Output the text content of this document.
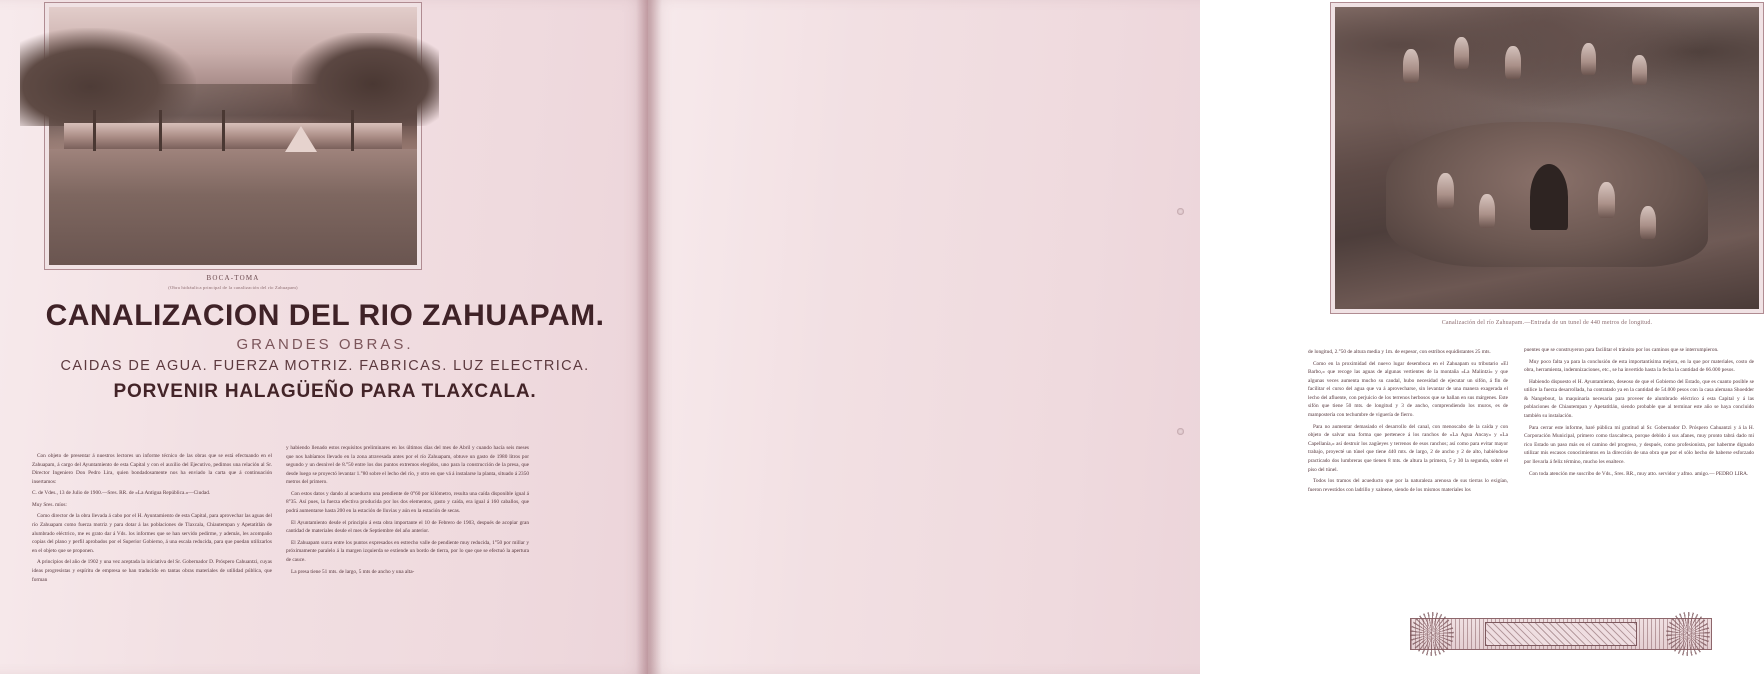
BOCA-TOMA
(Obra hidráulica principal de la canalización del río Zahuapam)
CANALIZACION DEL RIO ZAHUAPAM.
GRANDES OBRAS.
CAIDAS DE AGUA. FUERZA MOTRIZ. FABRICAS. LUZ ELECTRICA.
PORVENIR HALAGÜEÑO PARA TLAXCALA.

Con objeto de presentar á nuestros lectores un informe técnico de las obras que se está efectuando en el Zahuapam, á cargo del Ayuntamiento de esta Capital y con el auxilio del Ejecutivo, pedimos una relación al Sr. Director Ingeniero Don Pedro Lira, quien bondadosamente nos ha enviado la carta que á continuación insertamos:

C. de Vdes., 13 de Julio de 1900.—Sres. RR. de «La Antigua República.»—Ciudad.

Muy Sres. míos:

Como director de la obra llevada á cabo por el H. Ayuntamiento de esta Capital, para aprovechar las aguas del río Zahuapam como fuerza motriz y para dotar á las poblaciones de Tlaxcala, Chiautempan y Apetatitlán de alumbrado eléctrico, me es grato dar á Vds. los informes que se han servido pedirme, y además, les acompaño copias del plano y perfil aprobados por el Superior Gobierno, á una escala reducida, para que puedan utilizarlos en el objeto que se proponen.

A principios del año de 1902 y una vez aceptada la iniciativa del Sr. Gobernador D. Próspero Cahuantzi, cuyas ideas progresistas y espíritu de empresa se han traducido en tantas obras materiales de utilidad pública, que forman

y habiendo llenado estos requisitos preliminares en los últimos días del mes de Abril y cuando hacía seis meses que nos habíamos llevado en la zona atravesada antes por el río Zahuapam, obtuve un gasto de 1980 litros por segundo y un desnivel de 8.°50 entre los dos puntos extremos elegidos, uno para la construcción de la presa, que desde luego se proyectó levantar 1.°80 sobre el lecho del río, y otro en que vá á instalarse la planta, situado á 2350 metros del primero.

Con estos datos y dando al acueducto una pendiente de 0°60 por kilómetro, resulta una caída disponible igual á 8°35. Así pues, la fuerza efectiva producida por los dos elementos, gasto y caída, era igual á 160 caballos, que podrá aumentarse hasta 200 en la estación de lluvias y aún en la estación de secas.

El Ayuntamiento desde el principio á esta obra importante el 10 de Febrero de 1903, después de acopiar gran cantidad de materiales desde el mes de Septiembre del año anterior.

El Zahuapam surca entre los puntos expresados en estrecho valle de pendiente muy reducida, 1°50 por millar y próximamente paralelo á la margen izquierda se extiende un bordo de tierra, por lo que que se efectuó la apertura de cauce.

La presa tiene 51 mts. de largo, 5 mts de ancho y una alta-

Canalización del río Zahuapam.—Entrada de un tunel de 440 metros de longitud.

de longitud, 2.°50 de altura media y 1m. de espesor, con estribos equidistantes 25 mts.

Como en la proximidad del nuevo lugar desemboca en el Zahuapam su tributario «El Barbo,» que recoge las aguas de algunas vertientes de la montaña «La Malintzi» y que algunas veces aumenta mucho su caudal, hubo necesidad de ejecutar un sifón, á fin de facilitar el curso del agua que va á aprovecharse, sin levantar de una manera exagerada el lecho del afluente, con perjuicio de los terrenos herbosos que se hallan en sus márgenes. Este sifón que tiene 50 mts. de longitud y 3 de ancho, comprendiendo los muros, es de mampostería con techumbre de viguería de fierro.

Para no aumentar demasiado el desarrollo del canal, con menoscabo de la caída y con objeto de salvar una forma que pertenece á los ranchos de «La Agua Ancay» y «La Capellanía,» así destruir los zagüeyes y terrenos de esos ranchos; así como para evitar mayor trabajo, proyecté un túnel que tiene 440 mts. de largo, 2 de ancho y 2 de alto, habiéndose practicado dos lumbreras que tienen 8 mts. de altura la primera, 5 y 30 la segunda, sobre el piso del túnel.

Todos los tramos del acueducto que por la naturaleza arenosa de sus tierras lo exigían, fueron revestidos con ladrillo y xalnene, siendo de los mismos materiales los

puentes que se construyeron para facilitar el tránsito por los caminos que se interrumpieron.

Muy poco falta ya para la conclusión de esta importantísima mejora, en la que por materiales, costo de obra, herramienta, indemnizaciones, etc., se ha invertido hasta la fecha la cantidad de 66.000 pesos.

Habiendo dispuesto el H. Ayuntamiento, deseoso de que el Gobierno del Estado, que es cuanto posible se utilice la fuerza desarrollada, ha contratado ya en la cantidad de 54.000 pesos con la casa alemana Shoedder & Nangebout, la maquinaria necesaria para proveer de alumbrado eléctrico á esta Capital y á las poblaciones de Chiautempan y Apetatitlán, siendo probable que al terminar este año se haya concluido también su instalación.

Para cerrar este informe, haré pública mi gratitud al Sr. Gobernador D. Próspero Cahuantzi y á la H. Corporación Municipal, primero como tlaxcalteca, porque debido á sus afanes, muy pronto tabrá dado mi rico Estado un paso más en el camino del progreso, y después, como profesionista, por haberme dignado utilizar mis escasos conocimientos en la dirección de una obra que por el sólo hecho de haberse esforzado por llevarla á feliz término, mucho les enaltece.

Con toda atención me suscribo de Vds., Sres. RR., muy atto. servidor y afmo. amigo.— PEDRO LIRA.
